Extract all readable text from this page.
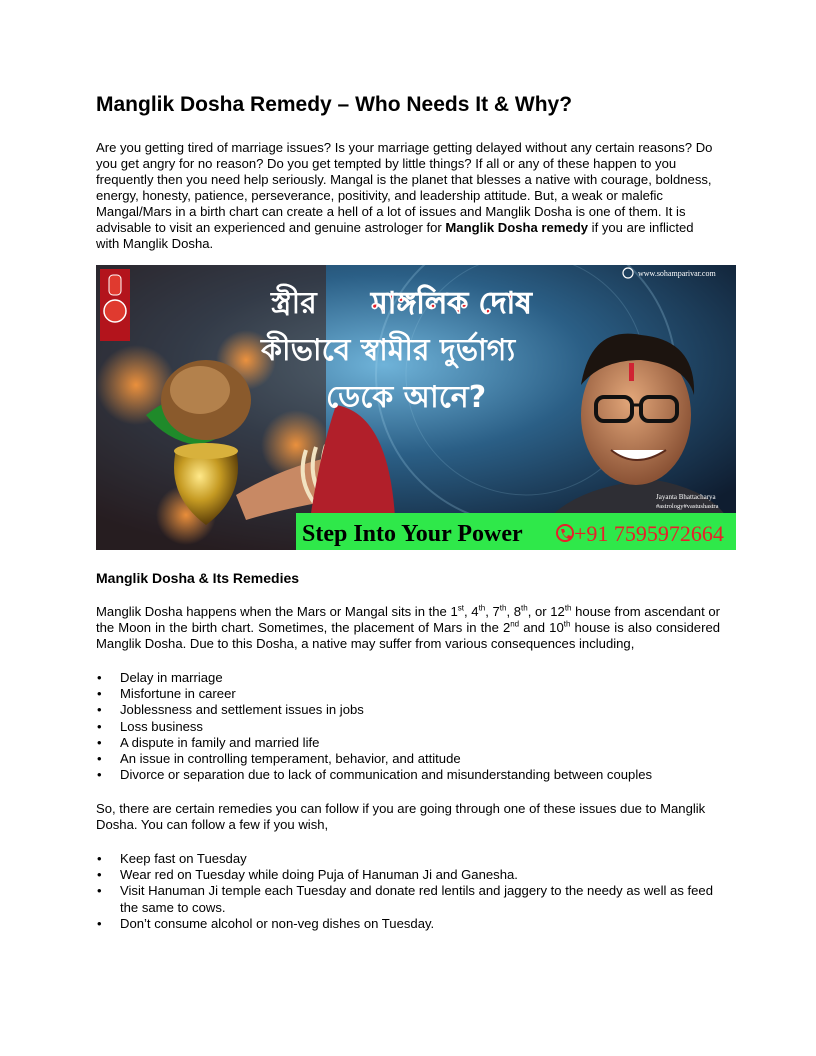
Manglik Dosha Remedy – Who Needs It & Why?

Are you getting tired of marriage issues? Is your marriage getting delayed without any certain reasons? Do you get angry for no reason? Do you get tempted by little things? If all or any of these happen to you frequently then you need help seriously. Mangal is the planet that blesses a native with courage, boldness, energy, honesty, patience, perseverance, positivity, and leadership attitude. But, a weak or malefic Mangal/Mars in a birth chart can create a hell of a lot of issues and Manglik Dosha is one of them. It is advisable to visit an experienced and genuine astrologer for Manglik Dosha remedy if you are inflicted with Manglik Dosha.

স্ত্রীর মাঙ্গলিক দোষ
কীভাবে স্বামীর দুর্ভাগ্য
ডেকে আনে?
www.sohamparivar.com
Jayanta Bhattacharya
#astrology#vastushastra
Step Into Your Power +91 7595972664
Manglik Dosha & Its Remedies

Manglik Dosha happens when the Mars or Mangal sits in the 1st, 4th, 7th, 8th, or 12th house from ascendant or the Moon in the birth chart. Sometimes, the placement of Mars in the 2nd and 10th house is also considered Manglik Dosha. Due to this Dosha, a native may suffer from various consequences including,

• Delay in marriage
• Misfortune in career
• Joblessness and settlement issues in jobs
• Loss business
• A dispute in family and married life
• An issue in controlling temperament, behavior, and attitude
• Divorce or separation due to lack of communication and misunderstanding between couples

So, there are certain remedies you can follow if you are going through one of these issues due to Manglik Dosha. You can follow a few if you wish,

• Keep fast on Tuesday
• Wear red on Tuesday while doing Puja of Hanuman Ji and Ganesha.
• Visit Hanuman Ji temple each Tuesday and donate red lentils and jaggery to the needy as well as feed the same to cows.
• Don’t consume alcohol or non-veg dishes on Tuesday.
